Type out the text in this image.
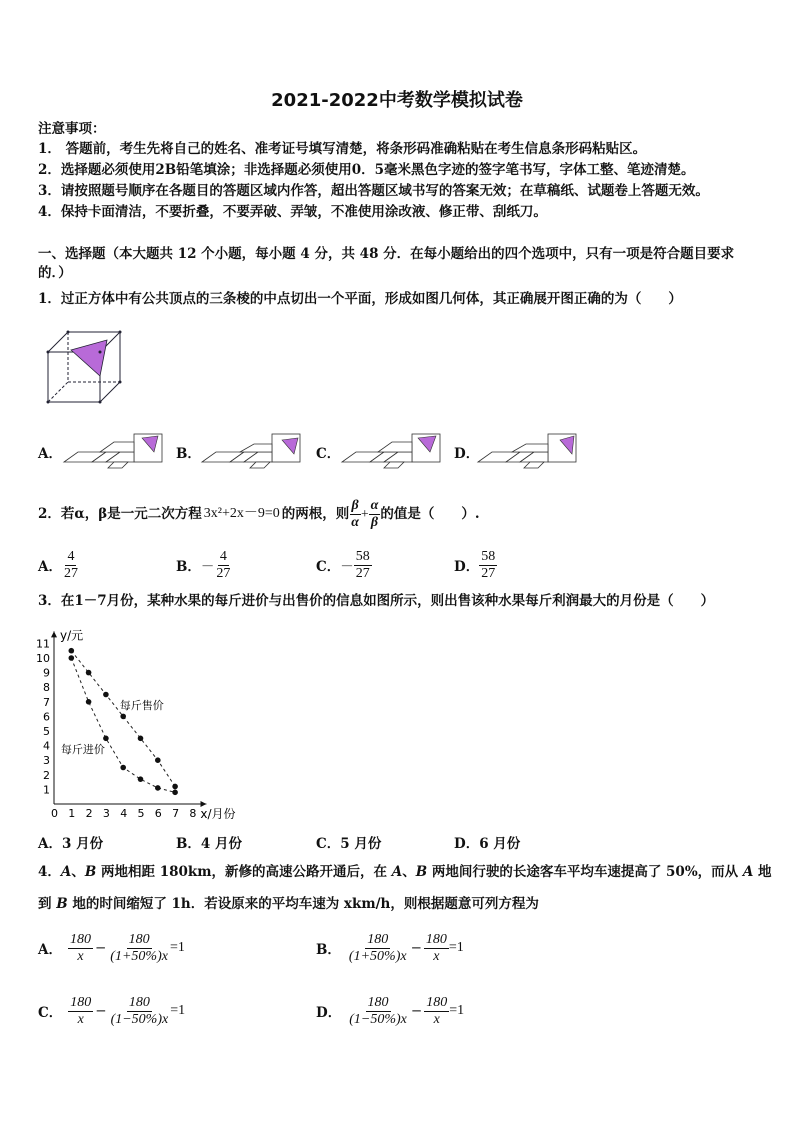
2021-2022中考数学模拟试卷
注意事项：
1． 答题前，考生先将自己的姓名、准考证号填写清楚，将条形码准确粘贴在考生信息条形码粘贴区。
2．选择题必须使用2B铅笔填涂；非选择题必须使用0．5毫米黑色字迹的签字笔书写，字体工整、笔迹清楚。
3．请按照题号顺序在各题目的答题区域内作答，超出答题区域书写的答案无效；在草稿纸、试题卷上答题无效。
4．保持卡面清洁，不要折叠，不要弄破、弄皱，不准使用涂改液、修正带、刮纸刀。
一、选择题（本大题共 12 个小题，每小题 4 分，共 48 分．在每小题给出的四个选项中，只有一项是符合题目要求
的．）
1．过正方体中有公共顶点的三条棱的中点切出一个平面，形成如图几何体，其正确展开图正确的为（　　）
A．	B．	C．	D．
2．若α，β是一元二次方程 3x²+2x－9=0 的两根，则 $\frac{\beta}{\alpha} + \frac{\alpha}{\beta}$ 的值是（　　）.
A． $\frac{4}{27}$	B． － $\frac{4}{27}$	C． － $\frac{58}{27}$	D． $\frac{58}{27}$
3．在1－7月份，某种水果的每斤进价与出售价的信息如图所示，则出售该种水果每斤利润最大的月份是（　　）
y/元
x/月份
0 1 2 3 4 5 6 7 8
1
2
3
4
5
6
7
8
9
10
11
每斤售价
每斤进价
A．3 月份	B．4 月份	C．5 月份	D．6 月份
4．A、B 两地相距 180km，新修的高速公路开通后，在 A、B 两地间行驶的长途客车平均车速提高了 50%，而从 A 地
到 B 地的时间缩短了 1h．若设原来的平均车速为 xkm/h，则根据题意可列方程为
A． $\frac{180}{x} - \frac{180}{(1+50\%)x} =1$	B． $\frac{180}{(1+50\%)x} - \frac{180}{x} =1$
C． $\frac{180}{x} - \frac{180}{(1-50\%)x} =1$	D． $\frac{180}{(1-50\%)x} - \frac{180}{x} =1$
